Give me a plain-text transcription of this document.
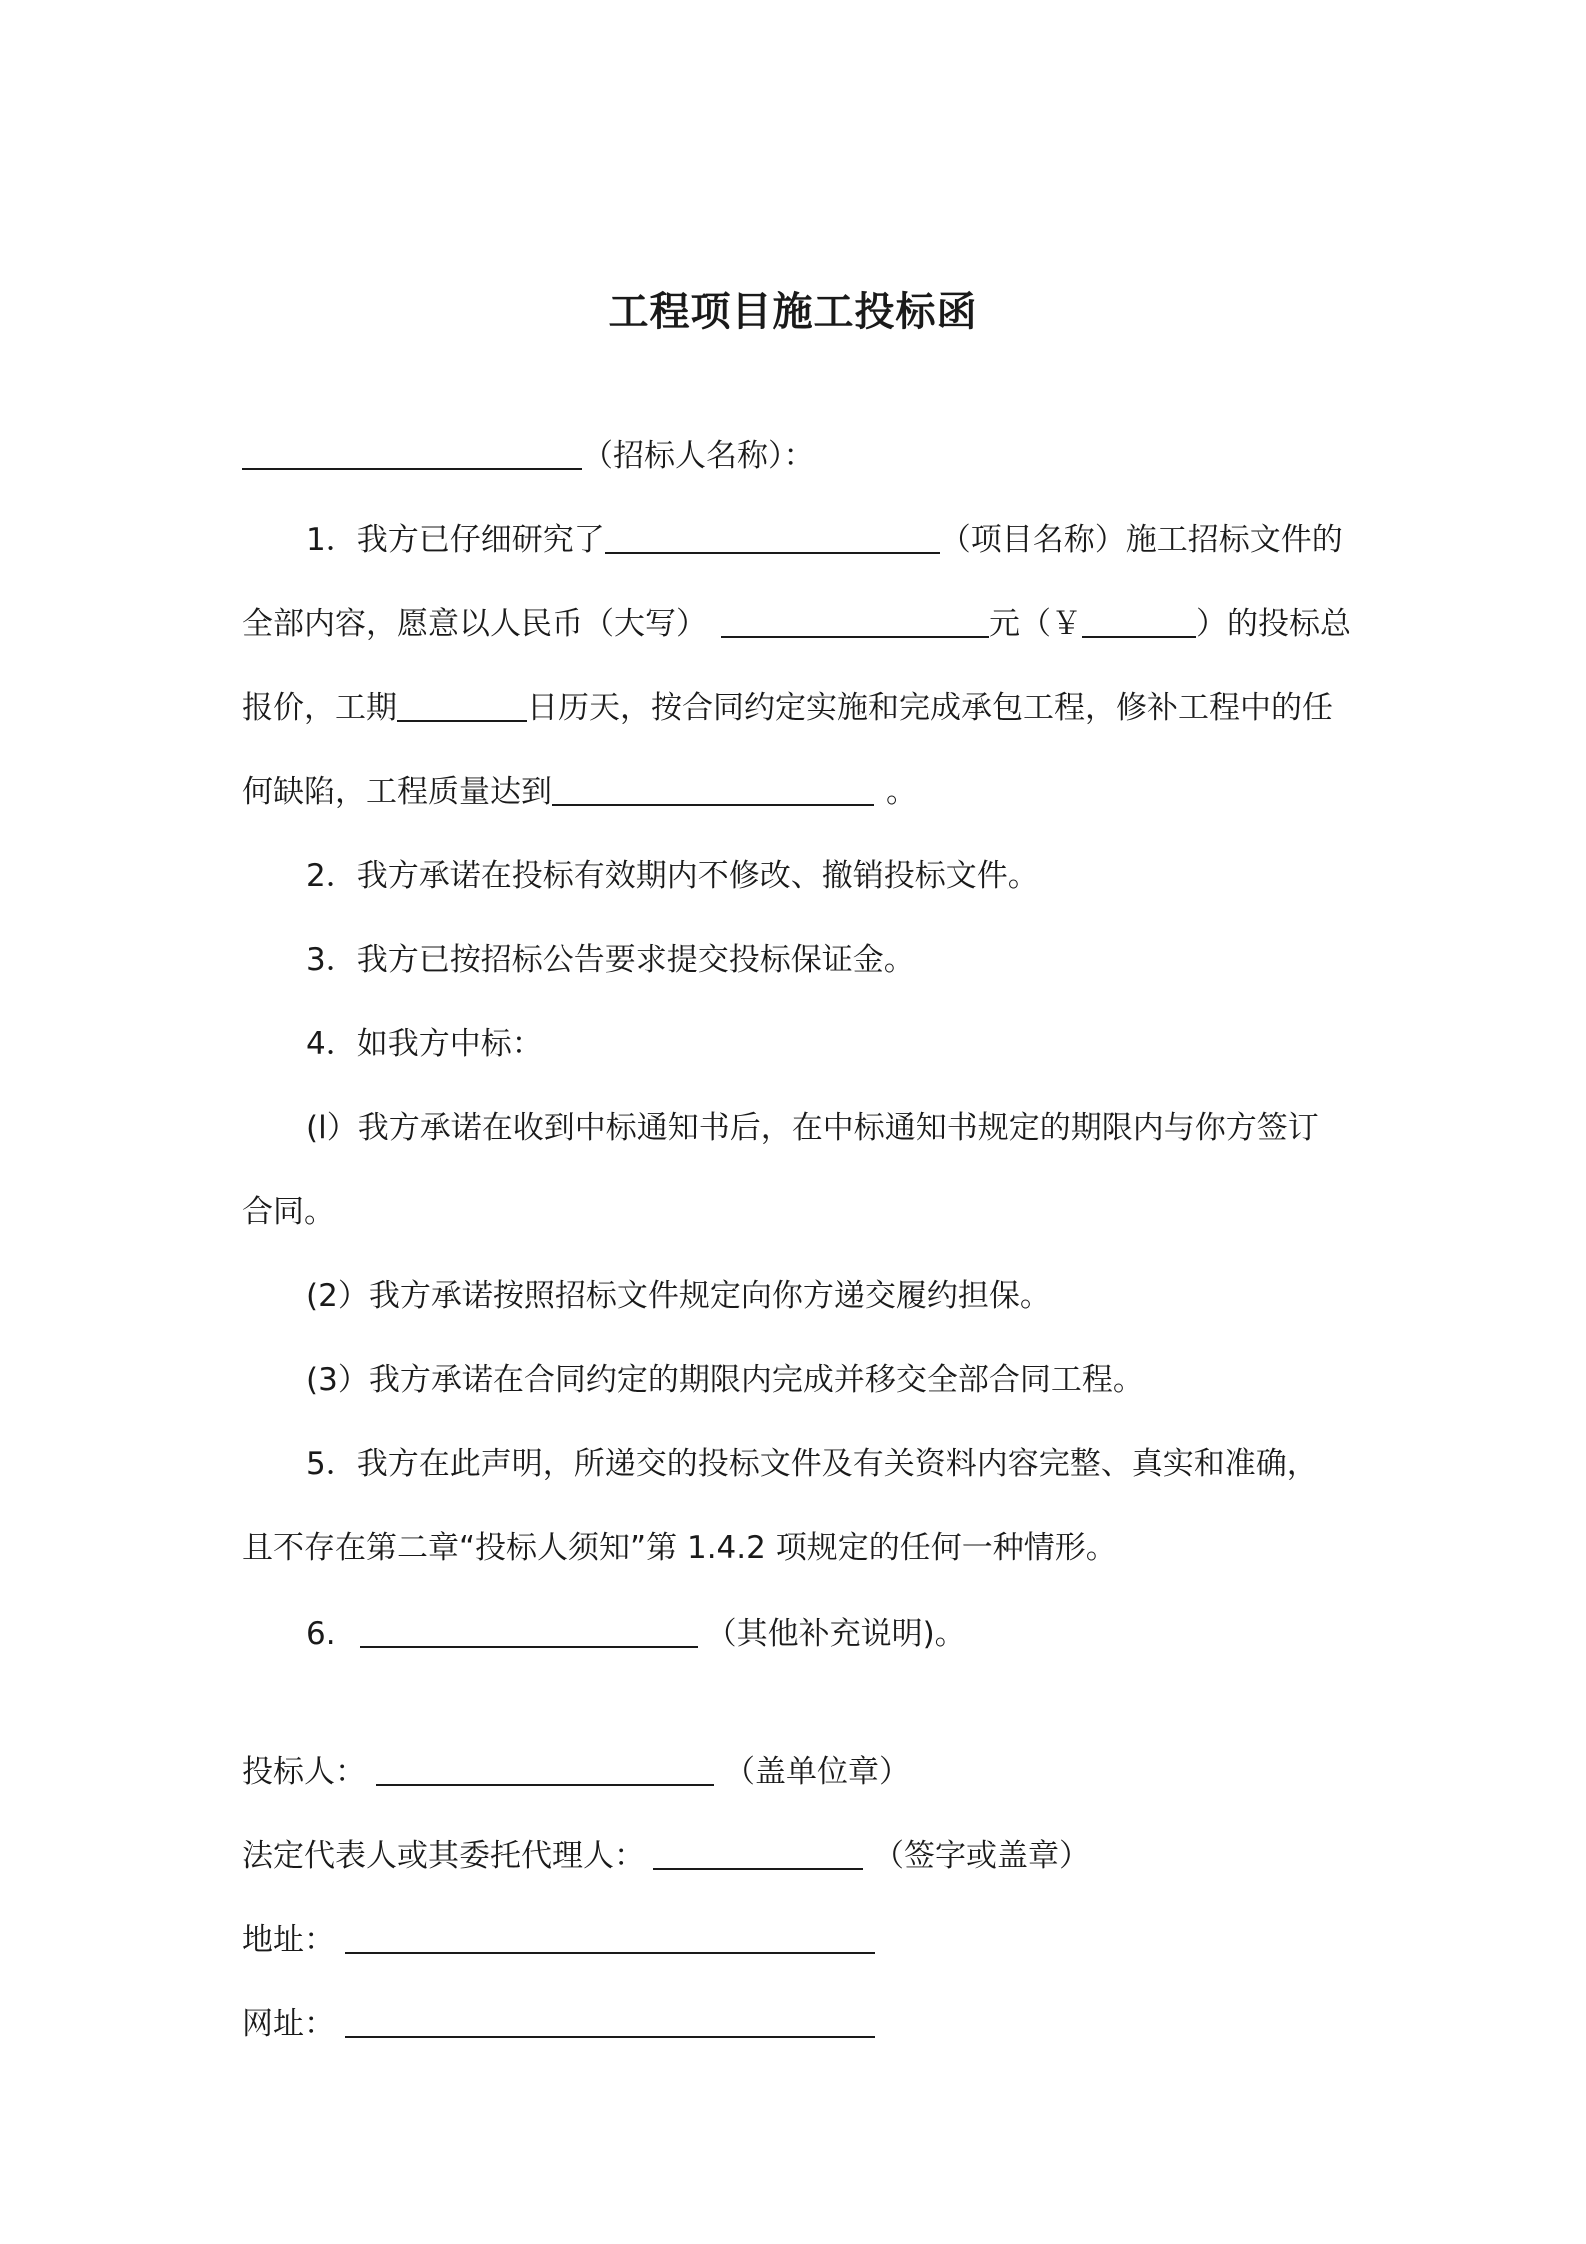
工程项目施工投标函
（招标人名称）：
1．我方已仔细研究了	（项目名称）施工招标文件的
全部内容，愿意以人民币（大写）	元（￥	）的投标总
报价，工期	日历天，按合同约定实施和完成承包工程，修补工程中的任
何缺陷，工程质量达到	。
2．我方承诺在投标有效期内不修改、撤销投标文件。
3．我方已按招标公告要求提交投标保证金。
4．如我方中标：
(l）我方承诺在收到中标通知书后，在中标通知书规定的期限内与你方签订
合同。
(2）我方承诺按照招标文件规定向你方递交履约担保。
(3）我方承诺在合同约定的期限内完成并移交全部合同工程。
5．我方在此声明，所递交的投标文件及有关资料内容完整、真实和准确，
且不存在第二章“投标人须知”第 1.4.2 项规定的任何一种情形。
6.	（其他补充说明)。
投标人：	（盖单位章）
法定代表人或其委托代理人：	（签字或盖章）
地址：
网址：
